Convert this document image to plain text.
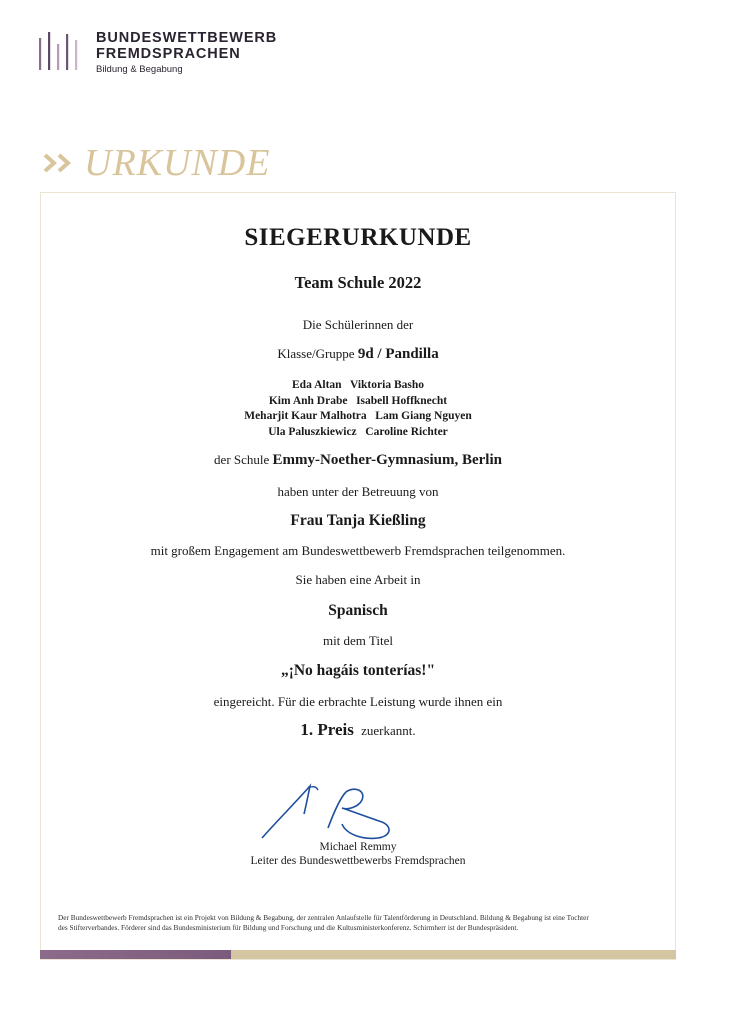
BUNDESWETTBEWERB
FREMDSPRACHEN
Bildung & Begabung
URKUNDE
SIEGERURKUNDE
Team Schule 2022
Die Schülerinnen der
Klasse/Gruppe 9d / Pandilla
Eda Altan   Viktoria Basho
Kim Anh Drabe   Isabell Hoffknecht
Meharjit Kaur Malhotra   Lam Giang Nguyen
Ula Paluszkiewicz   Caroline Richter
der Schule Emmy-Noether-Gymnasium, Berlin
haben unter der Betreuung von
Frau Tanja Kießling
mit großem Engagement am Bundeswettbewerb Fremdsprachen teilgenommen.
Sie haben eine Arbeit in
Spanisch
mit dem Titel
„¡No hagáis tonterías!"
eingereicht. Für die erbrachte Leistung wurde ihnen ein
1. Preis zuerkannt.
Michael Remmy
Leiter des Bundeswettbewerbs Fremdsprachen
Der Bundeswettbewerb Fremdsprachen ist ein Projekt von Bildung & Begabung, der zentralen Anlaufstelle für Talentförderung in Deutschland. Bildung & Begabung ist eine Tochter des Stifterverbandes. Förderer sind das Bundesministerium für Bildung und Forschung und die Kultusministerkonferenz. Schirmherr ist der Bundespräsident.
